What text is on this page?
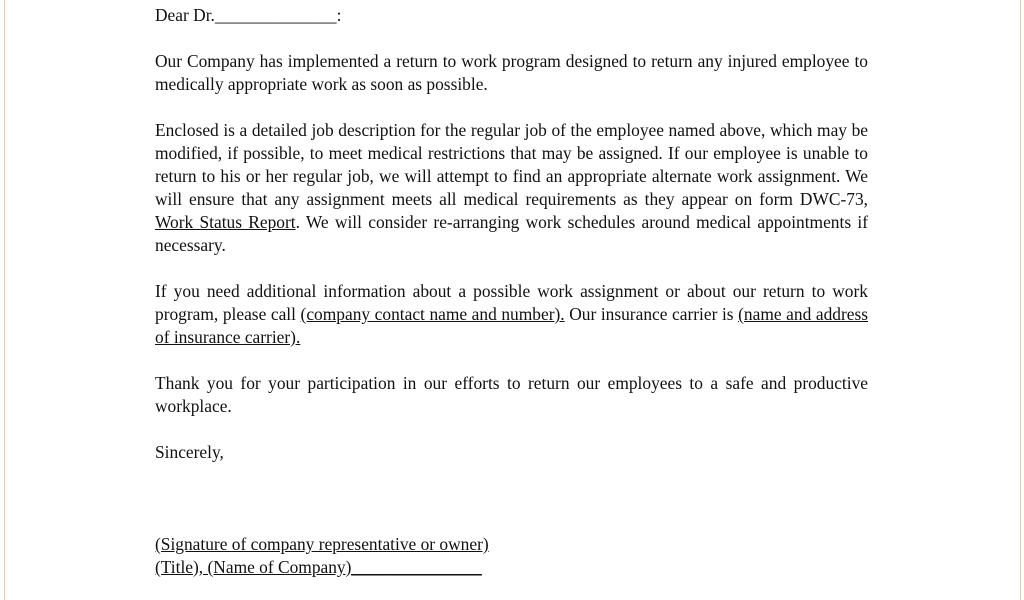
Dear Dr.______________:

Our Company has implemented a return to work program designed to return any injured employee to medically appropriate work as soon as possible.

Enclosed is a detailed job description for the regular job of the employee named above, which may be modified, if possible, to meet medical restrictions that may be assigned. If our employee is unable to return to his or her regular job, we will attempt to find an appropriate alternate work assignment. We will ensure that any assignment meets all medical requirements as they appear on form DWC-73, Work Status Report. We will consider re-arranging work schedules around medical appointments if necessary.

If you need additional information about a possible work assignment or about our return to work program, please call (company contact name and number). Our insurance carrier is (name and address of insurance carrier).

Thank you for your participation in our efforts to return our employees to a safe and productive workplace.

Sincerely,

(Signature of company representative or owner)
(Title), (Name of Company)_______________
